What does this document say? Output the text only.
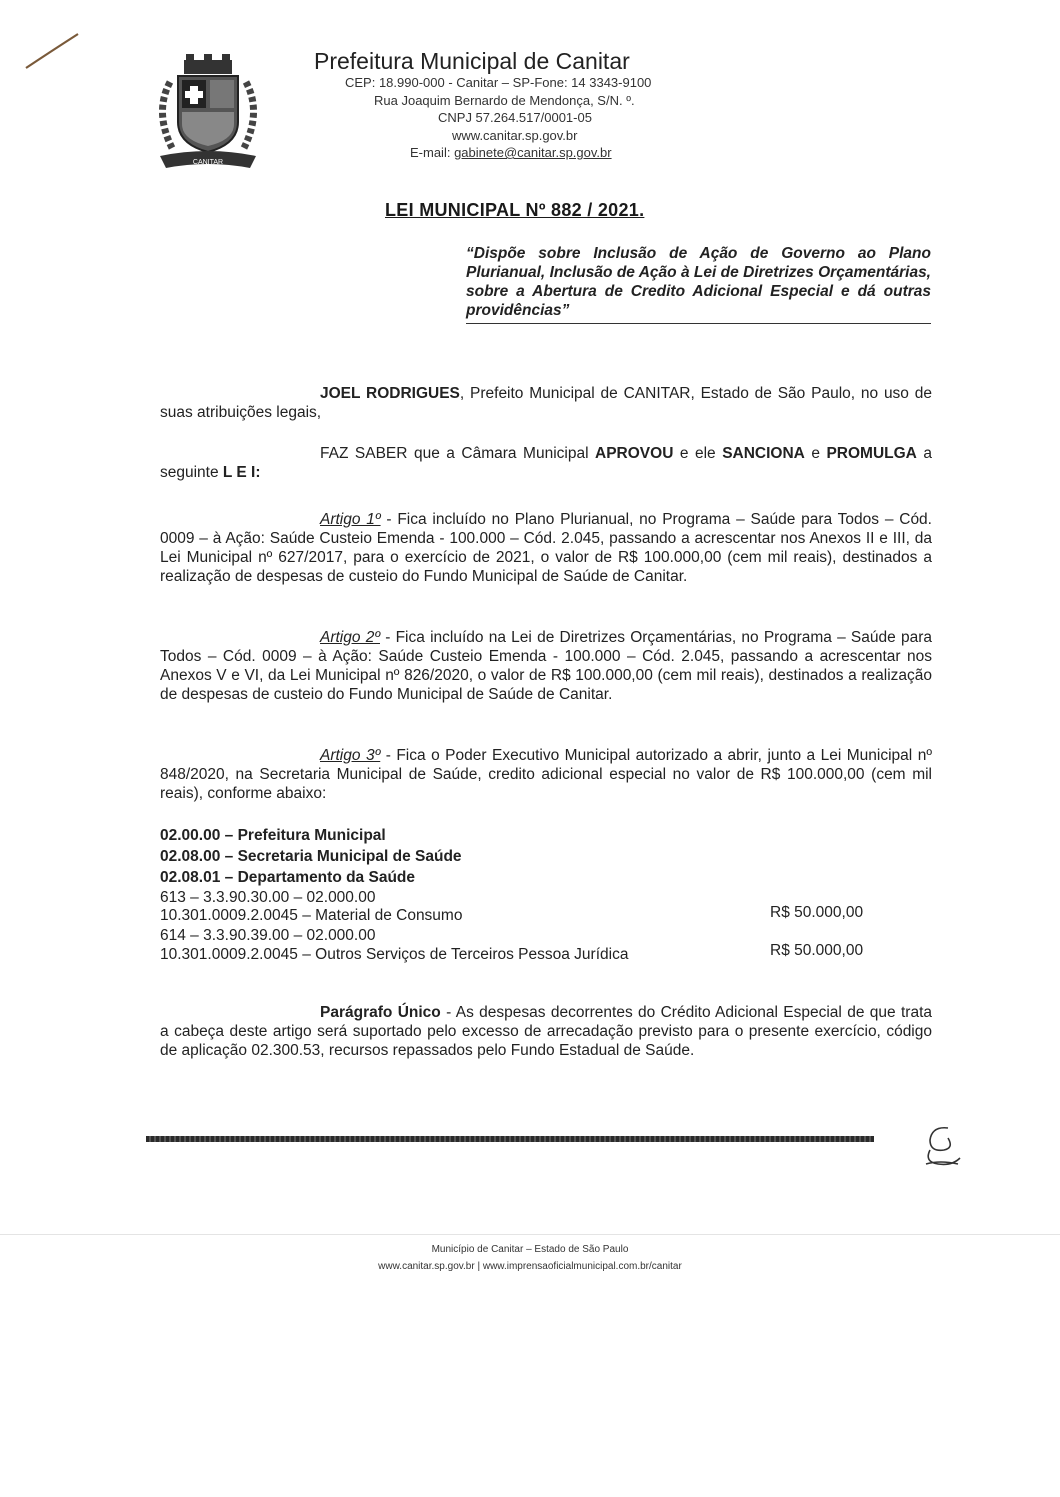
CANITAR
Prefeitura Municipal de Canitar
CEP: 18.990-000 - Canitar – SP-Fone: 14 3343-9100
Rua Joaquim Bernardo de Mendonça, S/N. º.
CNPJ 57.264.517/0001-05
www.canitar.sp.gov.br
E-mail: gabinete@canitar.sp.gov.br
LEI MUNICIPAL Nº 882 / 2021.
“Dispõe sobre Inclusão de Ação de Governo ao Plano Plurianual, Inclusão de Ação à Lei de Diretrizes Orçamentárias, sobre a Abertura de Credito Adicional Especial e dá outras providências”
JOEL RODRIGUES, Prefeito Municipal de CANITAR, Estado de São Paulo, no uso de suas atribuições legais,
FAZ SABER que a Câmara Municipal APROVOU e ele SANCIONA e PROMULGA a seguinte L E I:
Artigo 1º - Fica incluído no Plano Plurianual, no Programa – Saúde para Todos – Cód. 0009 – à Ação: Saúde Custeio Emenda - 100.000 – Cód. 2.045, passando a acrescentar nos Anexos II e III, da Lei Municipal nº 627/2017, para o exercício de 2021, o valor de R$ 100.000,00 (cem mil reais), destinados a realização de despesas de custeio do Fundo Municipal de Saúde de Canitar.
Artigo 2º - Fica incluído na Lei de Diretrizes Orçamentárias, no Programa – Saúde para Todos – Cód. 0009 – à Ação: Saúde Custeio Emenda - 100.000 – Cód. 2.045, passando a acrescentar nos Anexos V e VI, da Lei Municipal nº 826/2020, o valor de R$ 100.000,00 (cem mil reais), destinados a realização de despesas de custeio do Fundo Municipal de Saúde de Canitar.
Artigo 3º - Fica o Poder Executivo Municipal autorizado a abrir, junto a Lei Municipal nº 848/2020, na Secretaria Municipal de Saúde, credito adicional especial no valor de R$ 100.000,00 (cem mil reais), conforme abaixo:
02.00.00 – Prefeitura Municipal
02.08.00 – Secretaria Municipal de Saúde
02.08.01 – Departamento da Saúde
613 – 3.3.90.30.00 – 02.000.00
10.301.0009.2.0045 – Material de Consumo	R$ 50.000,00
614 – 3.3.90.39.00 – 02.000.00
10.301.0009.2.0045 – Outros Serviços de Terceiros Pessoa Jurídica	R$ 50.000,00
Parágrafo Único - As despesas decorrentes do Crédito Adicional Especial de que trata a cabeça deste artigo será suportado pelo excesso de arrecadação previsto para o presente exercício, código de aplicação 02.300.53, recursos repassados pelo Fundo Estadual de Saúde.
Município de Canitar – Estado de São Paulo
www.canitar.sp.gov.br | www.imprensaoficialmunicipal.com.br/canitar
